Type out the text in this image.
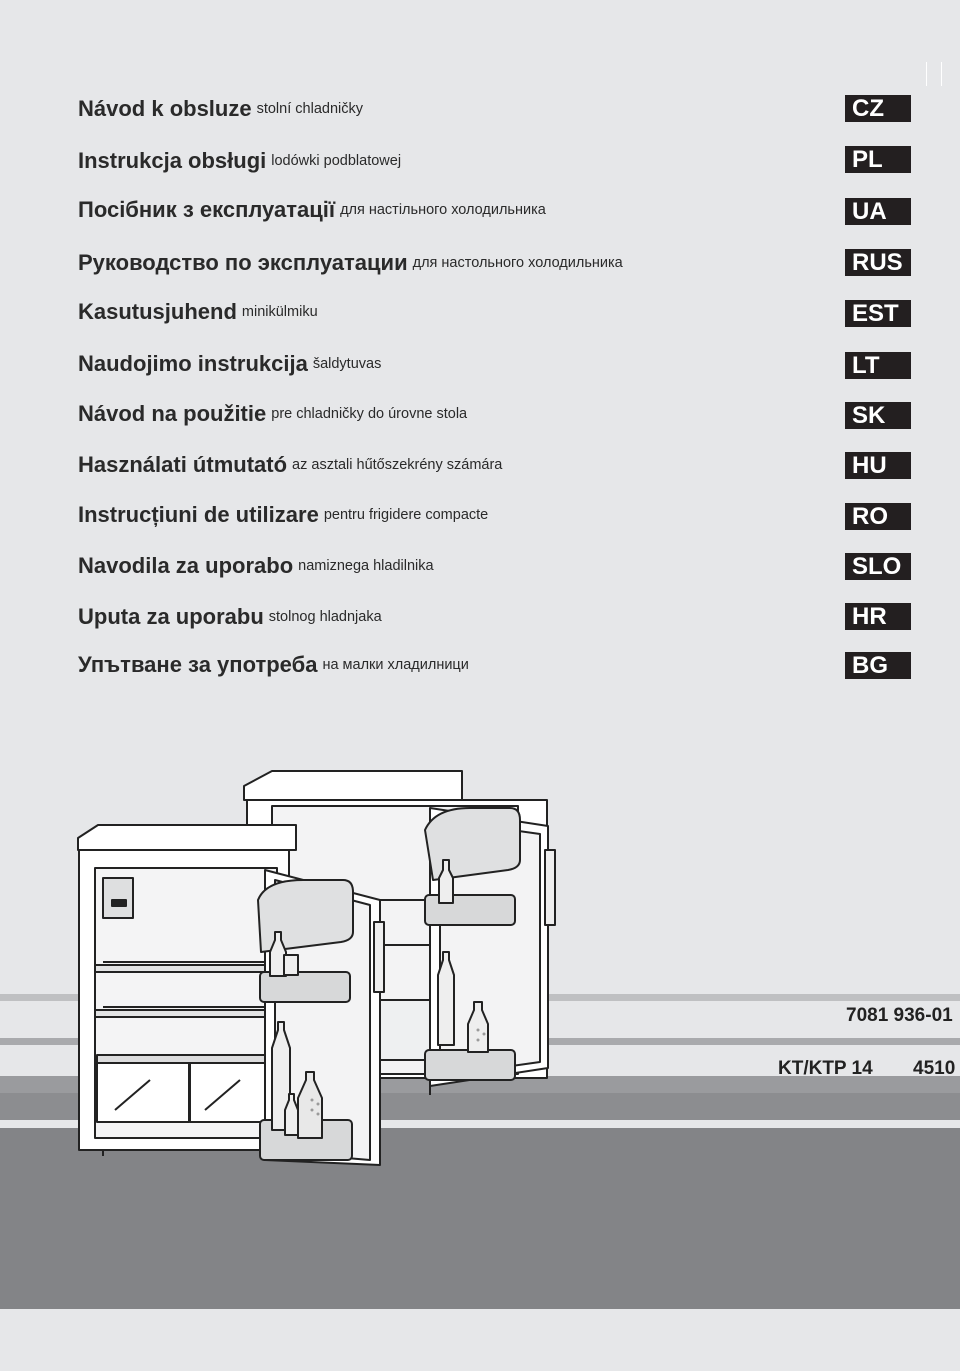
Návod k obsluze stolní chladničky	CZ
Instrukcja obsługi lodówki podblatowej	PL
Посібник з експлуатації для настільного холодильника	UA
Руководство по эксплуатации для настольного холодильника	RUS
Kasutusjuhend minikülmiku	EST
Naudojimo instrukcija šaldytuvas	LT
Návod na použitie pre chladničky do úrovne stola	SK
Használati útmutató az asztali hűtőszekrény számára	HU
Instrucțiuni de utilizare pentru frigidere compacte	RO
Navodila za uporabo namiznega hladilnika	SLO
Uputa za uporabu stolnog hladnjaka	HR
Упътване за употреба на малки хладилници	BG
7081 936-01
KT/KTP 14 4510
